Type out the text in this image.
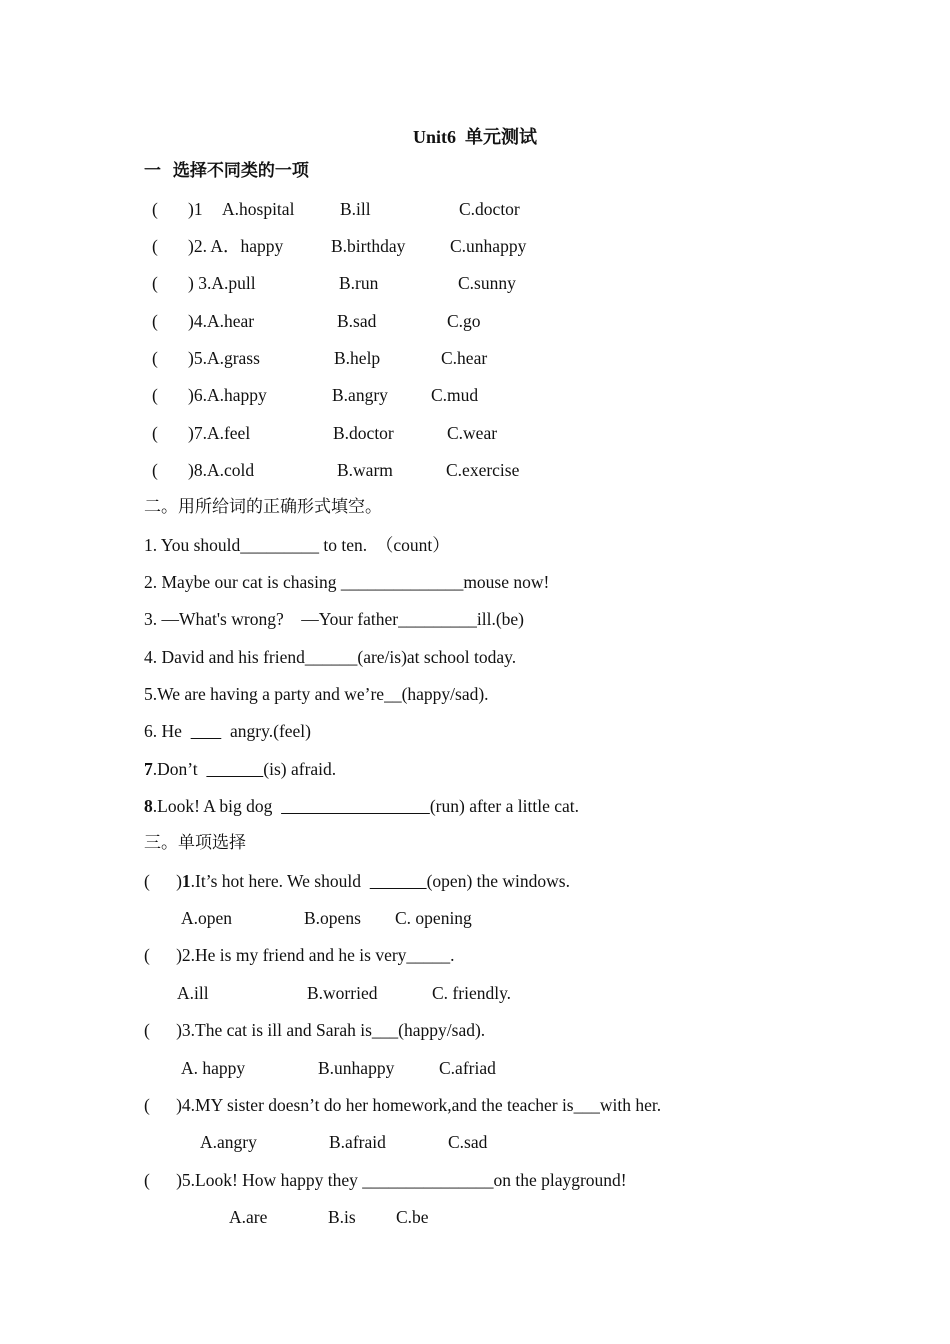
Unit6  单元测试
一  选择不同类的一项
( )1 A.hospital	B.ill	C.doctor
( )2. A．happy	B.birthday	C.unhappy
( ) 3.A.pull	B.run	C.sunny
( )4.A.hear	B.sad	C.go
( )5.A.grass	B.help	C.hear
( )6.A.happy	B.angry C.mud
( )7.A.feel	B.doctor	C.wear
( )8.A.cold	B.warm	C.exercise
二。用所给词的正确形式填空。
1. You should_________ to ten.  （count）
2. Maybe our cat is chasing ______________mouse now!
3. —What's wrong?    —Your father_________ill.(be)
4. David and his friend______(are/is)at school today.
5.We are having a party and we’re__(happy/sad).
6. He           angry.(feel)
7.Don’t	(is) afraid.
8.Look! A big dog	(run) after a little cat.
三。单项选择
(      )1.It’s hot here. We should	(open) the windows.
A.open	B.opens C. opening
(      )2.He is my friend and he is very_____.
A.ill	B.worried	C. friendly.
(      )3.The cat is ill and Sarah is___(happy/sad).
A. happy	B.unhappy	C.afriad
(      )4.MY sister doesn’t do her homework,and the teacher is___with her.
A.angry	B.afraid	C.sad
(      )5.Look! How happy they _______________on the playground!
A.are	B.is C.be
